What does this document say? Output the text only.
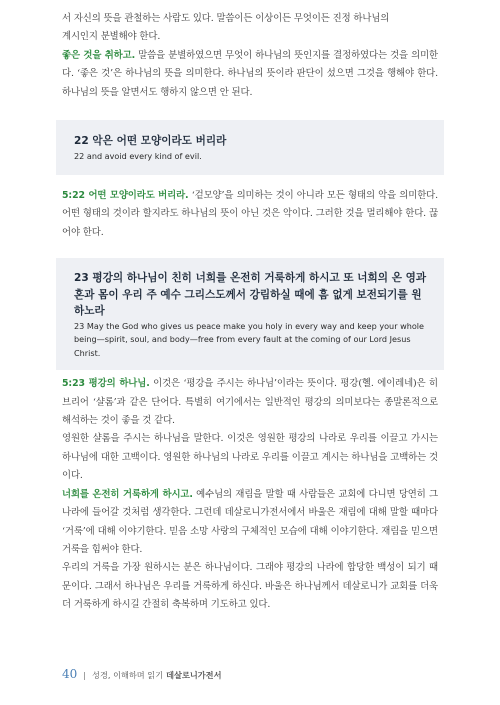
서 자신의 뜻을 관철하는 사람도 있다. 말씀이든 이상이든 무엇이든 진정 하나님의

계시인지 분별해야 한다.

좋은 것을 취하고. 말씀을 분별하였으면 무엇이 하나님의 뜻인지를 결정하였다는 것을 의미한다. ‘좋은 것’은 하나님의 뜻을 의미한다. 하나님의 뜻이라 판단이 섰으면 그것을 행해야 한다. 하나님의 뜻을 알면서도 행하지 않으면 안 된다.

22 악은 어떤 모양이라도 버리라

22 and avoid every kind of evil.

5:22 어떤 모양이라도 버리라. ‘겉모양’을 의미하는 것이 아니라 모든 형태의 악을 의미한다. 어떤 형태의 것이라 할지라도 하나님의 뜻이 아닌 것은 악이다. 그러한 것을 멀리해야 한다. 끊어야 한다.

23 평강의 하나님이 친히 너희를 온전히 거룩하게 하시고 또 너희의 온 영과 혼과 몸이 우리 주 예수 그리스도께서 강림하실 때에 흠 없게 보전되기를 원하노라

23 May the God who gives us peace make you holy in every way and keep your whole being—spirit, soul, and body—free from every fault at the coming of our Lord Jesus Christ.

5:23 평강의 하나님. 이것은 ‘평강을 주시는 하나님’이라는 뜻이다. 평강(헬. 에이레네)은 히브리어 ‘샬롬’과 같은 단어다. 특별히 여기에서는 일반적인 평강의 의미보다는 종말론적으로 해석하는 것이 좋을 것 같다.

영원한 샬롬을 주시는 하나님을 말한다. 이것은 영원한 평강의 나라로 우리를 이끌고 가시는 하나님에 대한 고백이다. 영원한 하나님의 나라로 우리를 이끌고 계시는 하나님을 고백하는 것이다.

너희를 온전히 거룩하게 하시고. 예수님의 재림을 말할 때 사람들은 교회에 다니면 당연히 그 나라에 들어갈 것처럼 생각한다. 그런데 데살로니가전서에서 바울은 재림에 대해 말할 때마다 ‘거룩’에 대해 이야기한다. 믿음 소망 사랑의 구체적인 모습에 대해 이야기한다. 재림을 믿으면 거룩을 힘써야 한다.

우리의 거룩을 가장 원하시는 분은 하나님이다. 그래야 평강의 나라에 합당한 백성이 되기 때문이다. 그래서 하나님은 우리를 거룩하게 하신다. 바울은 하나님께서 데살로니가 교회를 더욱더 거룩하게 하시길 간절히 축복하며 기도하고 있다.

40 | 성경, 이해하며 읽기 데살로니가전서
